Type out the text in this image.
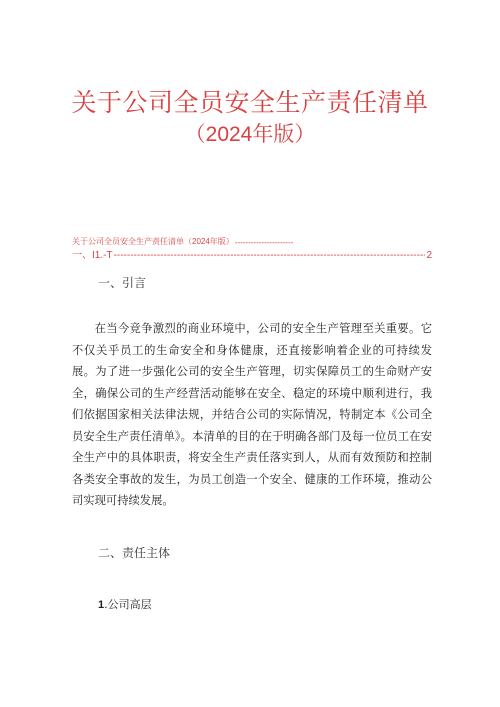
关于公司全员安全生产责任清单
（2024年版）
关于公司全员安全生产责任清单（2024年版）
-----
一、I1.-T
-----	2
一、引言

在当今竞争激烈的商业环境中，公司的安全生产管理至关重要。它不仅关乎员工的生命安全和身体健康，还直接影响着企业的可持续发展。为了进一步强化公司的安全生产管理，切实保障员工的生命财产安全，确保公司的生产经营活动能够在安全、稳定的环境中顺利进行，我们依据国家相关法律法规，并结合公司的实际情况，特制定本《公司全员安全生产责任清单》。本清单的目的在于明确各部门及每一位员工在安全生产中的具体职责，将安全生产责任落实到人，从而有效预防和控制各类安全事故的发生，为员工创造一个安全、健康的工作环境，推动公司实现可持续发展。

二、责任主体
1.公司高层
